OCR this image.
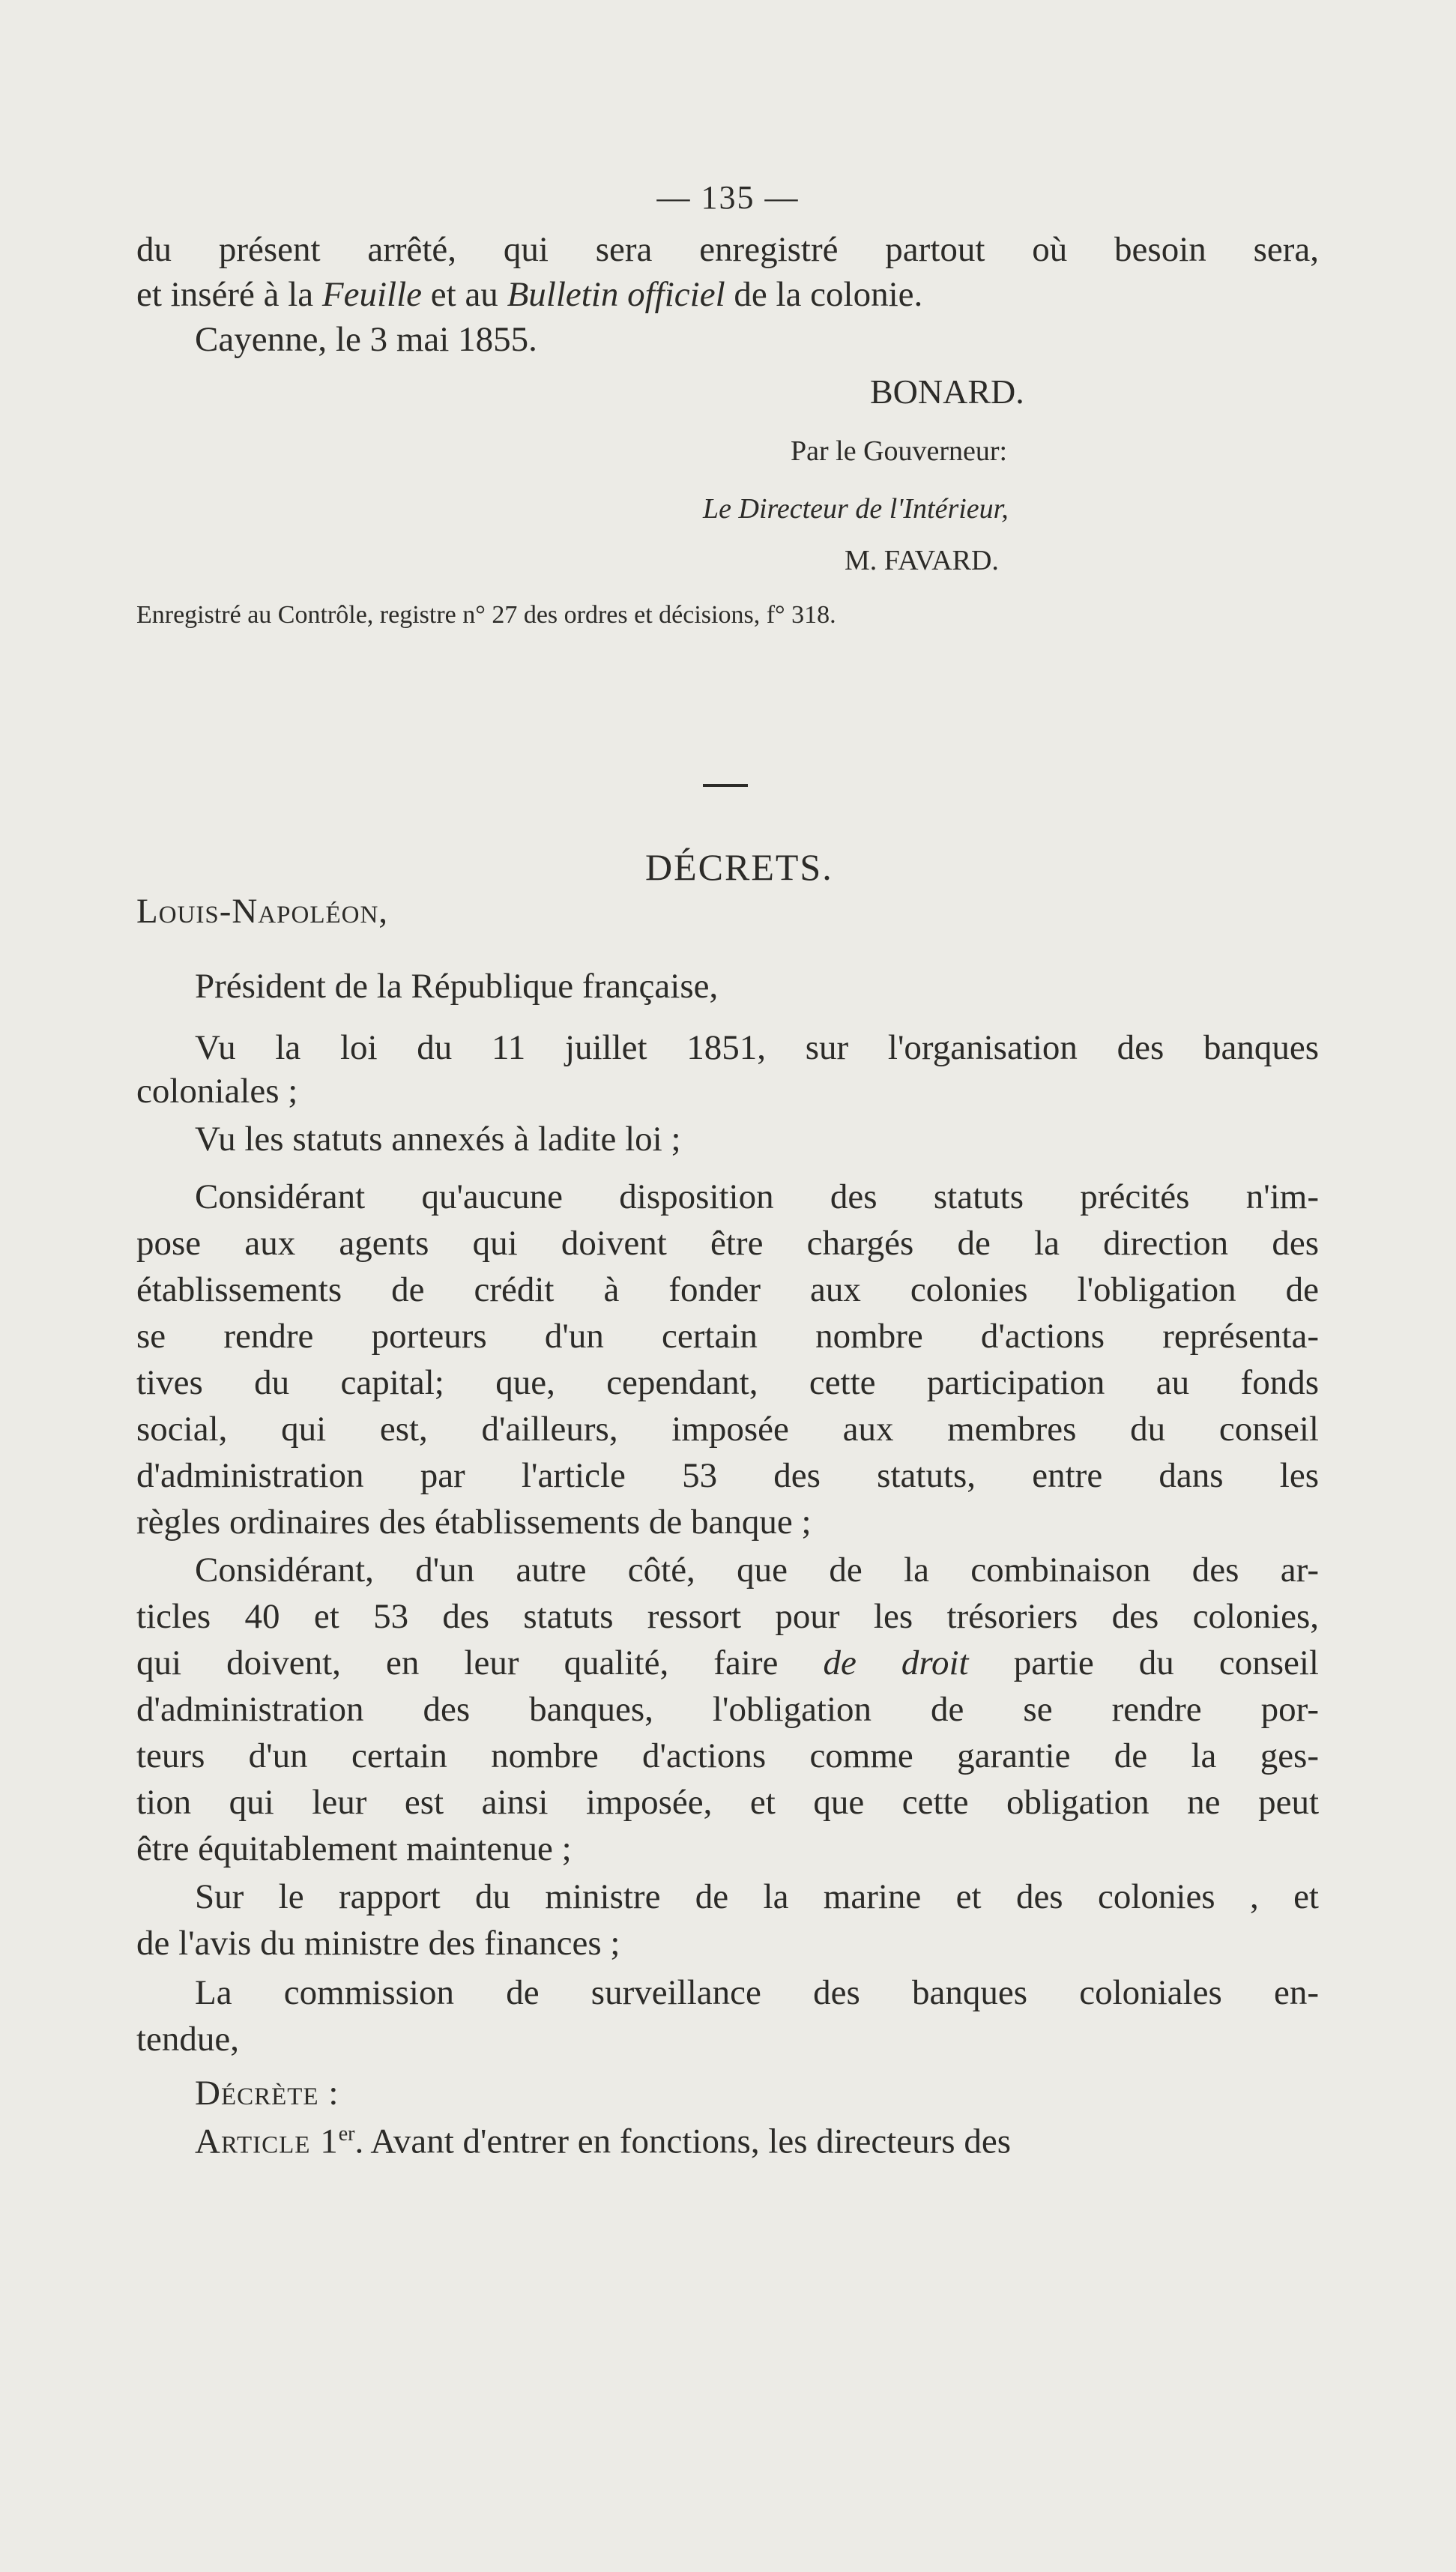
— 135 —
du présent arrêté, qui sera enregistré partout où besoin sera,
et inséré à la Feuille et au Bulletin officiel de la colonie.
Cayenne, le 3 mai 1855.
BONARD.
Par le Gouverneur:
Le Directeur de l'Intérieur,
M. FAVARD.
Enregistré au Contrôle, registre n° 27 des ordres et décisions, f° 318.
DÉCRETS.
Louis-Napoléon,
Président de la République française,
Vu la loi du 11 juillet 1851, sur l'organisation des banques
coloniales ;
Vu les statuts annexés à ladite loi ;
Considérant qu'aucune disposition des statuts précités n'im-
pose aux agents qui doivent être chargés de la direction des
établissements de crédit à fonder aux colonies l'obligation de
se rendre porteurs d'un certain nombre d'actions représenta-
tives du capital; que, cependant, cette participation au fonds
social, qui est, d'ailleurs, imposée aux membres du conseil
d'administration par l'article 53 des statuts, entre dans les
règles ordinaires des établissements de banque ;
Considérant, d'un autre côté, que de la combinaison des ar-
ticles 40 et 53 des statuts ressort pour les trésoriers des colonies,
qui doivent, en leur qualité, faire de droit partie du conseil
d'administration des banques, l'obligation de se rendre por-
teurs d'un certain nombre d'actions comme garantie de la ges-
tion qui leur est ainsi imposée, et que cette obligation ne peut
être équitablement maintenue ;
Sur le rapport du ministre de la marine et des colonies , et
de l'avis du ministre des finances ;
La commission de surveillance des banques coloniales en-
tendue,
Décrète :
Article 1er. Avant d'entrer en fonctions, les directeurs des
